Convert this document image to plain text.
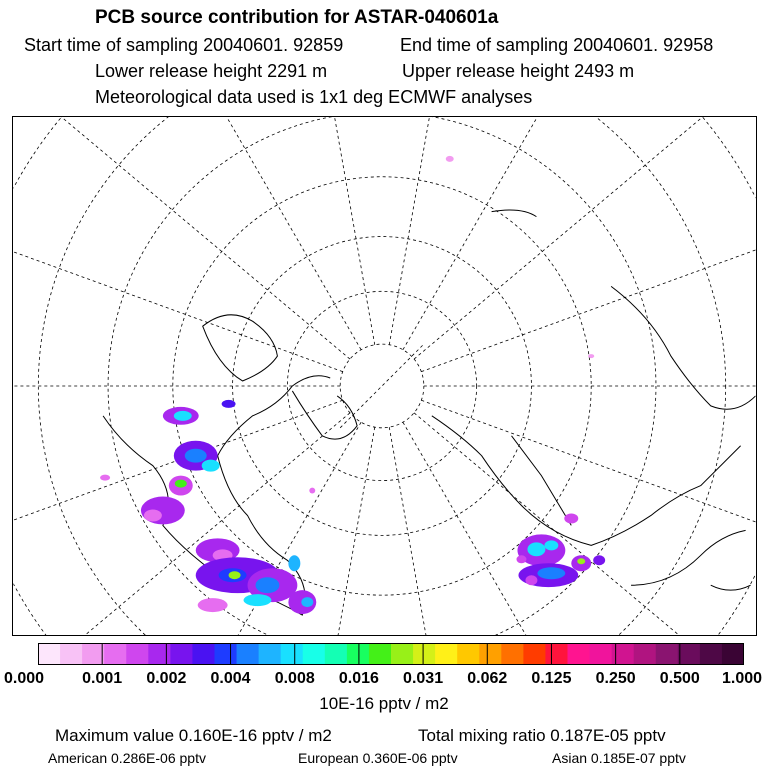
PCB source contribution for ASTAR-040601a
Start time of sampling 20040601. 92859	End time of sampling 20040601. 92958
Lower release height 2291 m	Upper release height 2493 m
Meteorological data used is 1x1 deg ECMWF analyses
0.000 0.001 0.002 0.004 0.008 0.016 0.031 0.062 0.125 0.250 0.500 1.000
10E-16 pptv / m2
Maximum value 0.160E-16 pptv / m2	Total mixing ratio 0.187E-05 pptv
American 0.286E-06 pptv	European 0.360E-06 pptv	Asian 0.185E-07 pptv
